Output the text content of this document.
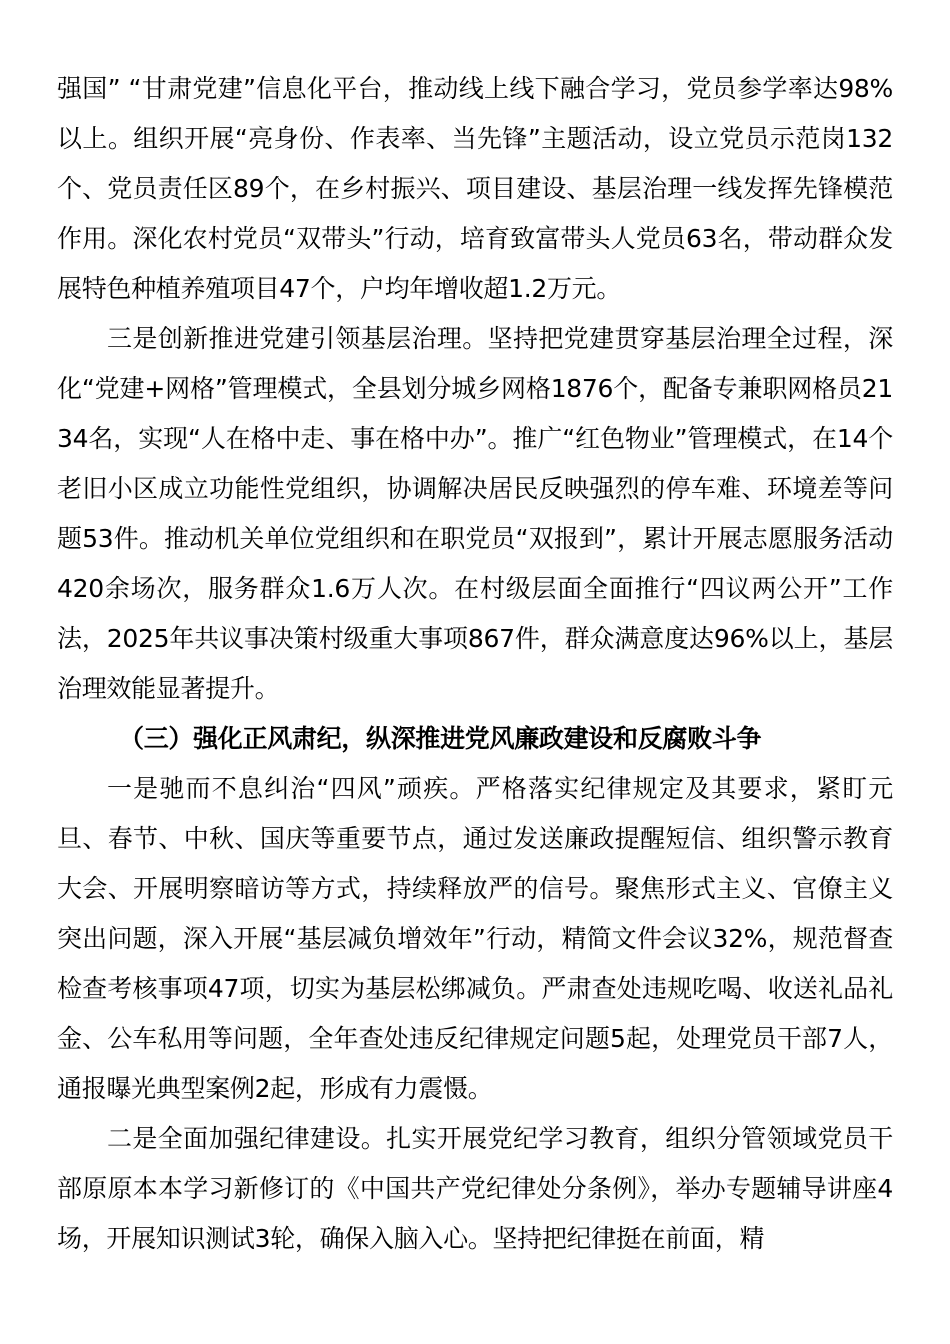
强国” “甘肃党建”信息化平台，推动线上线下融合学习，党员参学率达98%以上。组织开展“亮身份、作表率、当先锋”主题活动，设立党员示范岗132个、党员责任区89个，在乡村振兴、项目建设、基层治理一线发挥先锋模范作用。深化农村党员“双带头”行动，培育致富带头人党员63名，带动群众发展特色种植养殖项目47个，户均年增收超1.2万元。

三是创新推进党建引领基层治理。坚持把党建贯穿基层治理全过程，深化“党建+网格”管理模式，全县划分城乡网格1876个，配备专兼职网格员2134名，实现“人在格中走、事在格中办”。推广“红色物业”管理模式，在14个老旧小区成立功能性党组织，协调解决居民反映强烈的停车难、环境差等问题53件。推动机关单位党组织和在职党员“双报到”，累计开展志愿服务活动420余场次，服务群众1.6万人次。在村级层面全面推行“四议两公开”工作法，2025年共议事决策村级重大事项867件，群众满意度达96%以上，基层治理效能显著提升。

（三）强化正风肃纪，纵深推进党风廉政建设和反腐败斗争

一是驰而不息纠治“四风”顽疾。严格落实纪律规定及其要求，紧盯元旦、春节、中秋、国庆等重要节点，通过发送廉政提醒短信、组织警示教育大会、开展明察暗访等方式，持续释放严的信号。聚焦形式主义、官僚主义突出问题，深入开展“基层减负增效年”行动，精简文件会议32%，规范督查检查考核事项47项，切实为基层松绑减负。严肃查处违规吃喝、收送礼品礼金、公车私用等问题，全年查处违反纪律规定问题5起，处理党员干部7人，通报曝光典型案例2起，形成有力震慑。

二是全面加强纪律建设。扎实开展党纪学习教育，组织分管领域党员干部原原本本学习新修订的《中国共产党纪律处分条例》，举办专题辅导讲座4场，开展知识测试3轮，确保入脑入心。坚持把纪律挺在前面，精
